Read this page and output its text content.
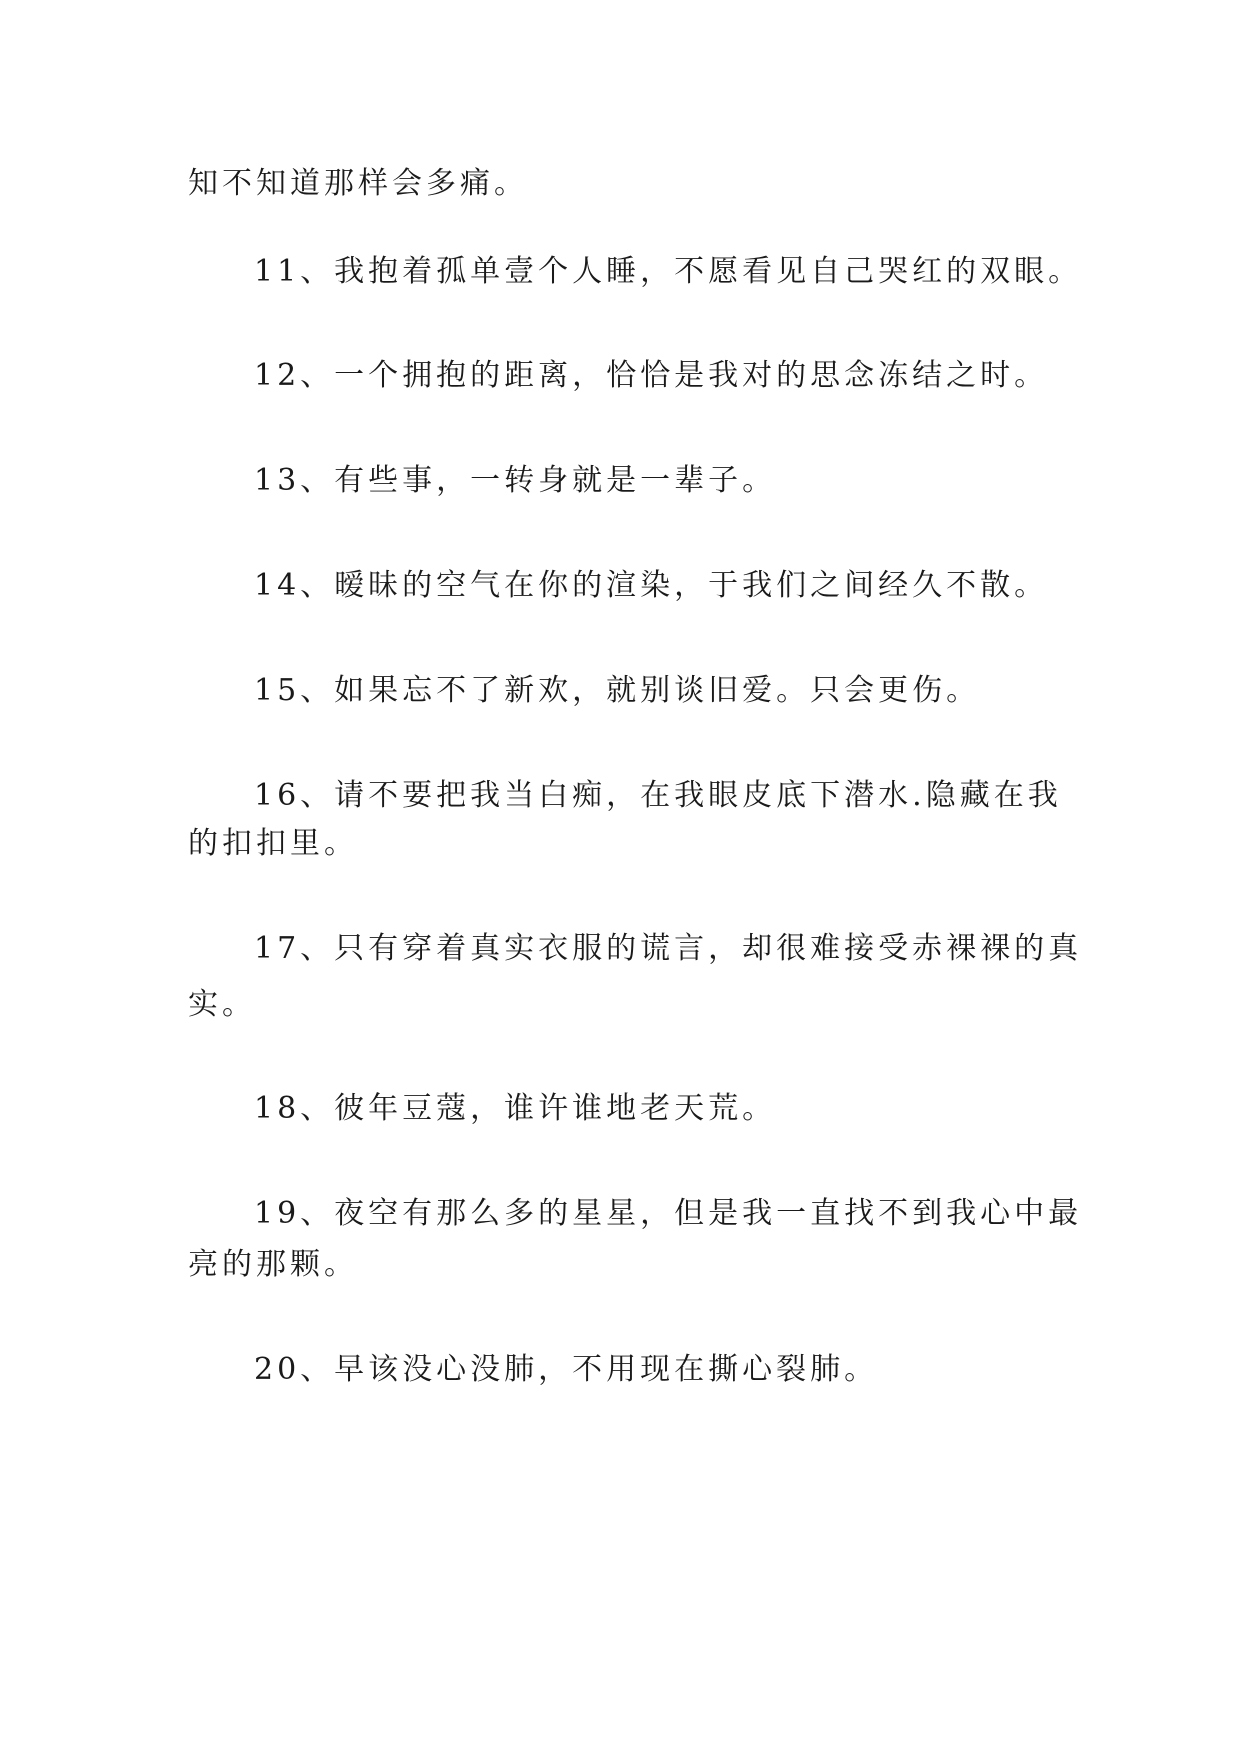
知不知道那样会多痛。
11、我抱着孤单壹个人睡，不愿看见自己哭红的双眼。
12、一个拥抱的距离，恰恰是我对的思念冻结之时。
13、有些事，一转身就是一辈子。
14、暧昧的空气在你的渲染，于我们之间经久不散。
15、如果忘不了新欢，就别谈旧爱。只会更伤。
16、请不要把我当白痴，在我眼皮底下潜水.隐藏在我
的扣扣里。
17、只有穿着真实衣服的谎言，却很难接受赤裸裸的真
实。
18、彼年豆蔻，谁许谁地老天荒。
19、夜空有那么多的星星，但是我一直找不到我心中最
亮的那颗。
20、早该没心没肺，不用现在撕心裂肺。
